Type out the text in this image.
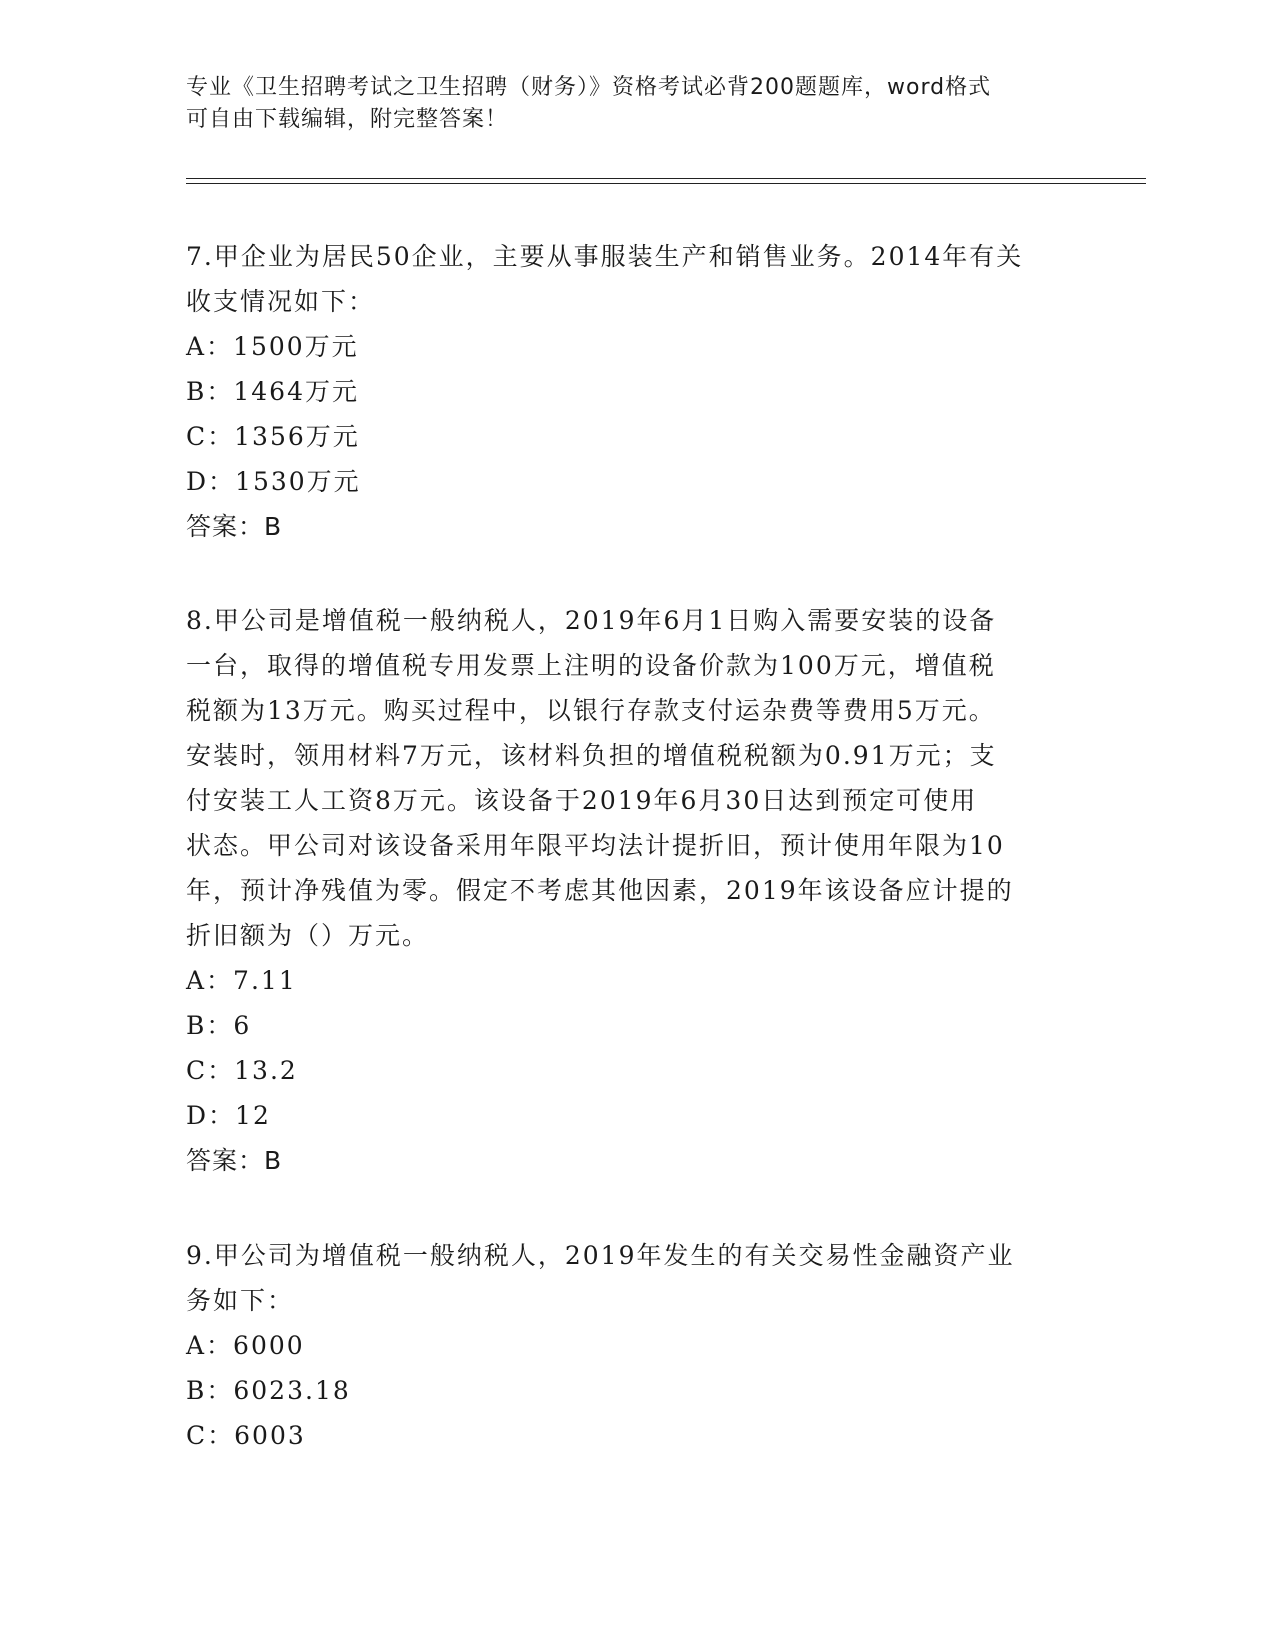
专业《卫生招聘考试之卫生招聘（财务）》资格考试必背200题题库，word格式
可自由下载编辑，附完整答案！
7.甲企业为居民50企业，主要从事服装生产和销售业务。2014年有关
收支情况如下：
A：1500万元
B：1464万元
C：1356万元
D：1530万元
答案：B
8.甲公司是增值税一般纳税人，2019年6月1日购入需要安装的设备
一台，取得的增值税专用发票上注明的设备价款为100万元，增值税
税额为13万元。购买过程中，以银行存款支付运杂费等费用5万元。
安装时，领用材料7万元，该材料负担的增值税税额为0.91万元；支
付安装工人工资8万元。该设备于2019年6月30日达到预定可使用
状态。甲公司对该设备采用年限平均法计提折旧，预计使用年限为10
年，预计净残值为零。假定不考虑其他因素，2019年该设备应计提的
折旧额为（）万元。
A：7.11
B：6
C：13.2
D：12
答案：B
9.甲公司为增值税一般纳税人，2019年发生的有关交易性金融资产业
务如下：
A：6000
B：6023.18
C：6003
